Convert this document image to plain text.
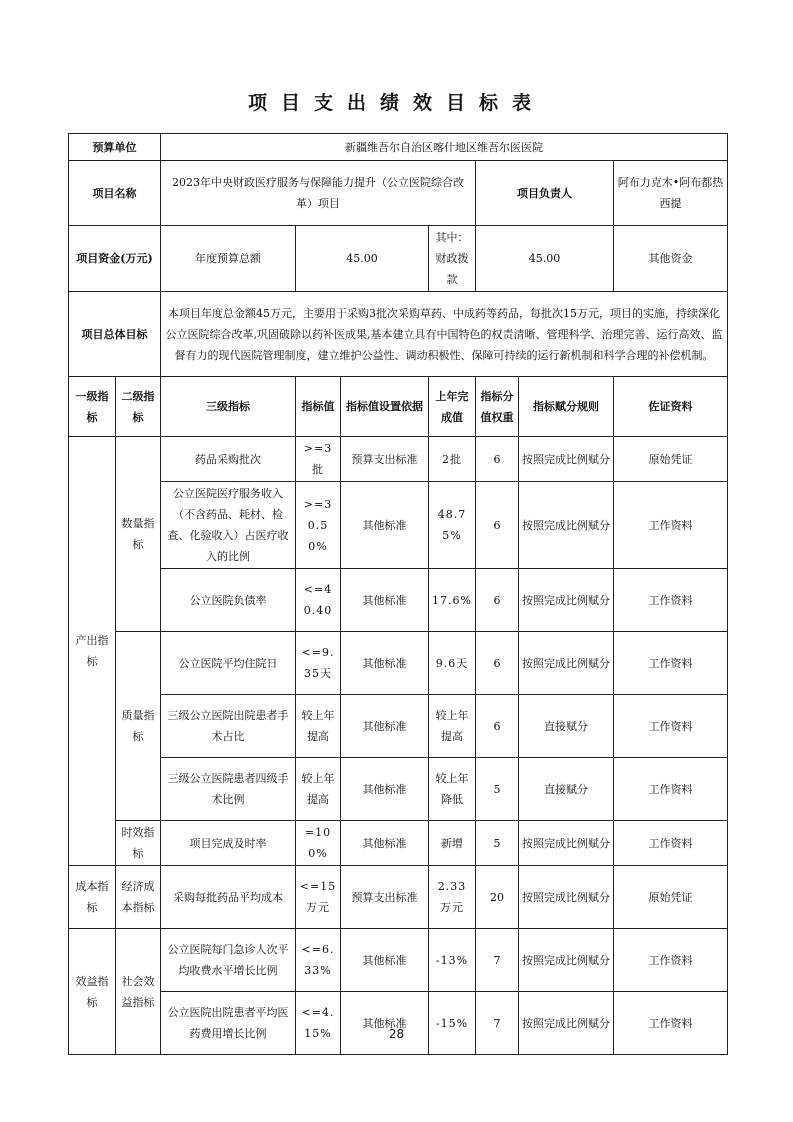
项目支出绩效目标表
预算单位		新疆维吾尔自治区喀什地区维吾尔医医院						
项目名称		2023年中央财政医疗服务与保障能力提升（公立医院综合改革）项目				项目负责人		阿布力克木•阿布都热西提
项目资金(万元)		年度预算总额	45.00		其中：财政拨款	45.00		其他资金
项目总体目标		本项目年度总金额45万元，主要用于采购3批次采购草药、中成药等药品，每批次15万元，项目的实施，持续深化公立医院综合改革,巩固破除以药补医成果,基本建立具有中国特色的权责清晰、管理科学、治理完善、运行高效、监督有力的现代医院管理制度，建立维护公益性、调动积极性、保障可持续的运行新机制和科学合理的补偿机制。						
一级指标	二级指标	三级指标	指标值	指标值设置依据	上年完成值	指标分值权重	指标赋分规则	佐证资料
产出指标	数量指标	药品采购批次	>=3批	预算支出标准	2批	6	按照完成比例赋分	原始凭证
		公立医院医疗服务收入（不含药品、耗材、检查、化验收入）占医疗收入的比例	>=30.50%	其他标准	48.75%	6	按照完成比例赋分	工作资料
		公立医院负债率	<=40.40	其他标准	17.6%	6	按照完成比例赋分	工作资料
	质量指标	公立医院平均住院日	<=9.35天	其他标准	9.6天	6	按照完成比例赋分	工作资料
		三级公立医院出院患者手术占比	较上年提高	其他标准	较上年提高	6	直接赋分	工作资料
		三级公立医院患者四级手术比例	较上年提高	其他标准	较上年降低	5	直接赋分	工作资料
	时效指标	项目完成及时率	=100%	其他标准	新增	5	按照完成比例赋分	工作资料
成本指标	经济成本指标	采购每批药品平均成本	<=15万元	预算支出标准	2.33万元	20	按照完成比例赋分	原始凭证
效益指标	社会效益指标	公立医院每门急诊人次平均收费水平增长比例	<=6.33%	其他标准	-13%	7	按照完成比例赋分	工作资料
		公立医院出院患者平均医药费用增长比例	<=4.15%	其他标准	-15%	7	按照完成比例赋分	工作资料
28
